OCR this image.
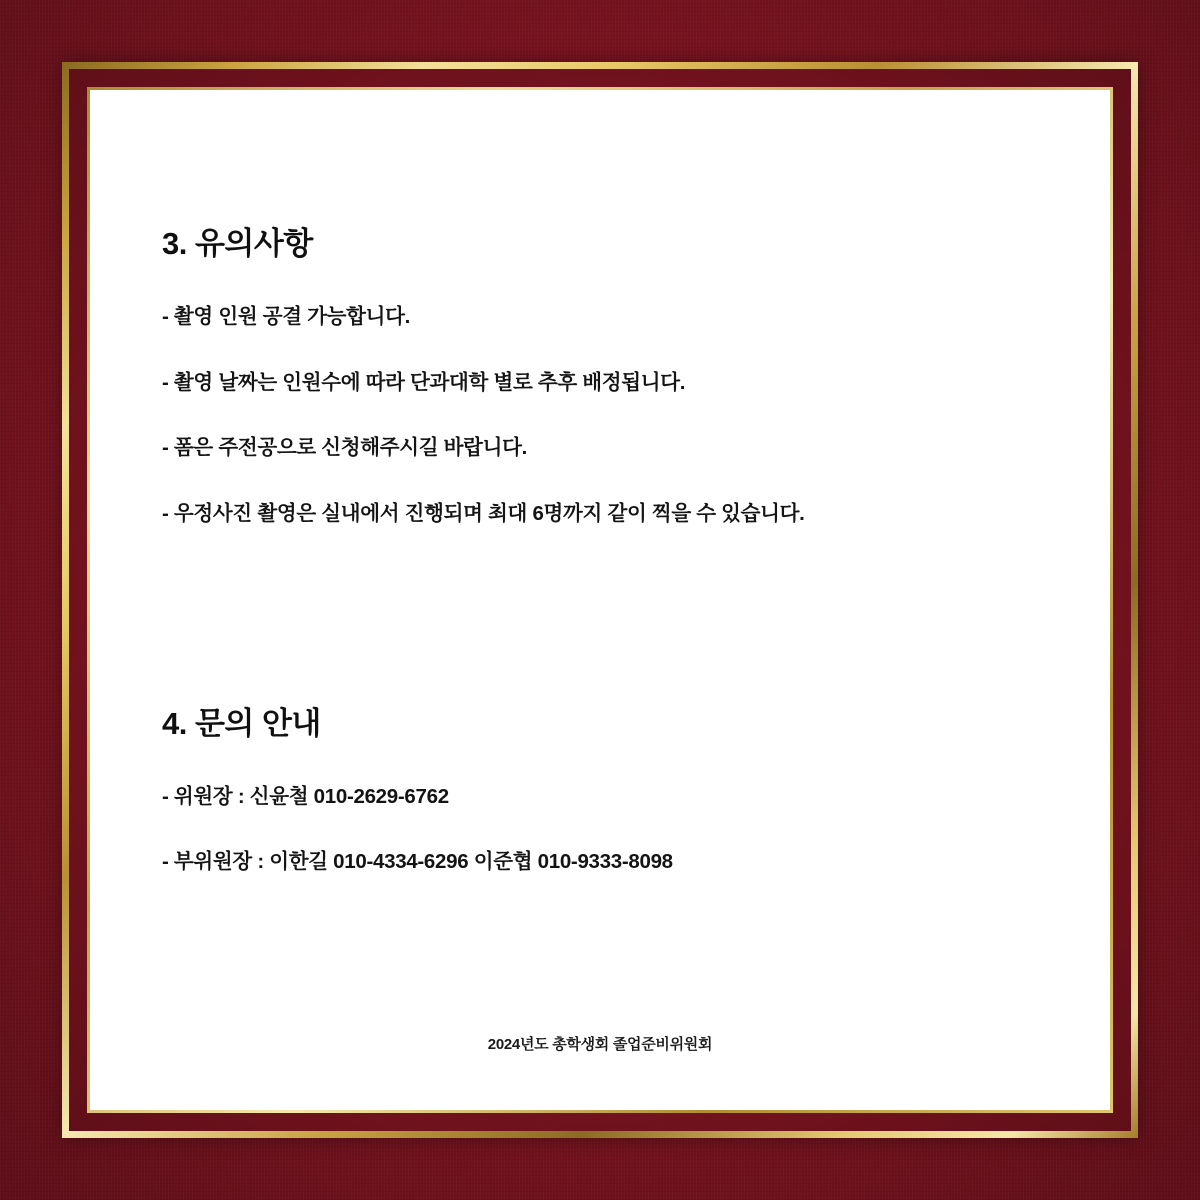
3. 유의사항

- 촬영 인원 공결 가능합니다.

- 촬영 날짜는 인원수에 따라 단과대학 별로 추후 배정됩니다.

- 폼은 주전공으로 신청해주시길 바랍니다.

- 우정사진 촬영은 실내에서 진행되며 최대 6명까지 같이 찍을 수 있습니다.

4. 문의 안내

- 위원장 : 신윤철 010-2629-6762

- 부위원장 : 이한길 010-4334-6296 이준협 010-9333-8098

2024년도 총학생회 졸업준비위원회
